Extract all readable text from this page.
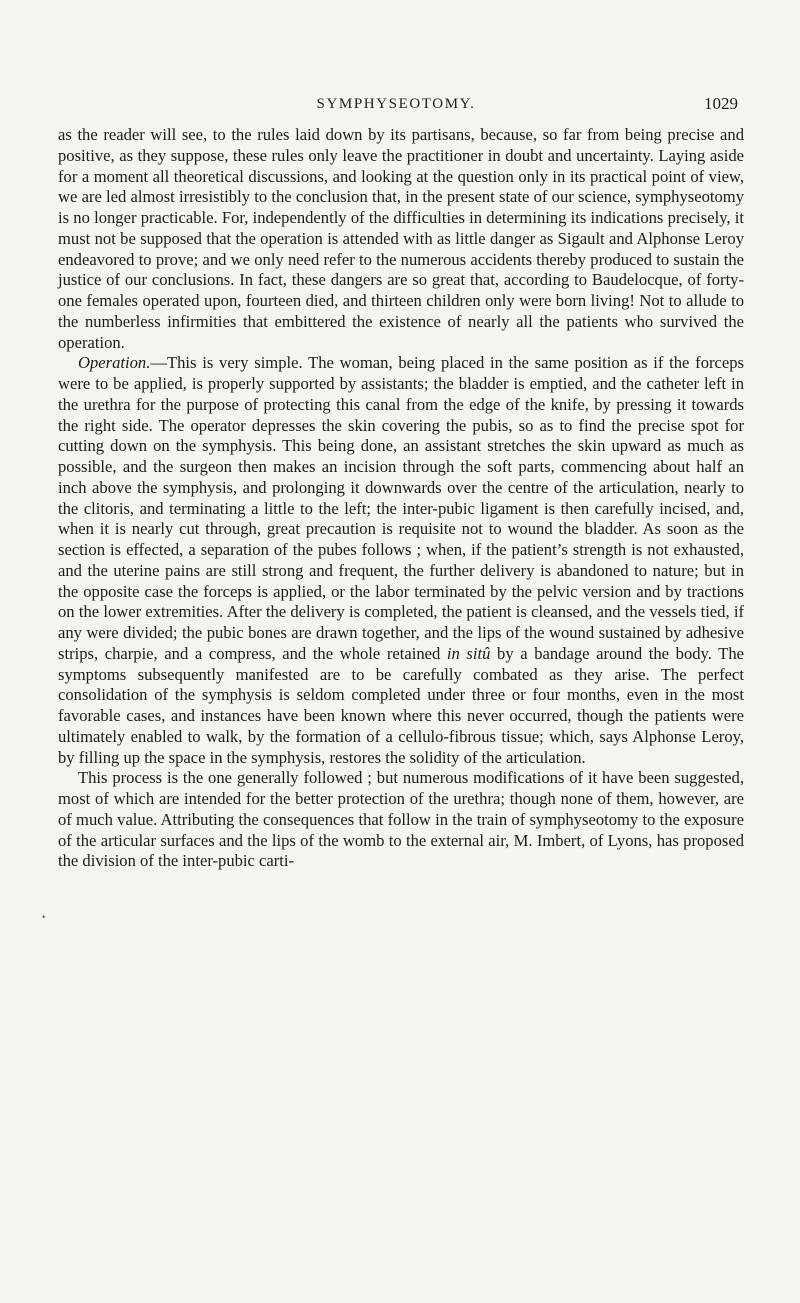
SYMPHYSEOTOMY.	1029
•

as the reader will see, to the rules laid down by its partisans, because, so far from being precise and positive, as they suppose, these rules only leave the practitioner in doubt and uncertainty. Laying aside for a moment all theoretical discussions, and looking at the question only in its practical point of view, we are led almost irresistibly to the conclusion that, in the present state of our science, symphyseotomy is no longer practicable. For, independently of the difficulties in determining its indications precisely, it must not be supposed that the operation is attended with as little danger as Sigault and Alphonse Leroy endeavored to prove; and we only need refer to the numerous accidents thereby produced to sustain the justice of our conclusions. In fact, these dangers are so great that, according to Baudelocque, of forty-one females operated upon, fourteen died, and thirteen children only were born living! Not to allude to the numberless infirmities that embittered the existence of nearly all the patients who survived the operation.

Operation.—This is very simple. The woman, being placed in the same position as if the forceps were to be applied, is properly supported by assistants; the bladder is emptied, and the catheter left in the urethra for the purpose of protecting this canal from the edge of the knife, by pressing it towards the right side. The operator depresses the skin covering the pubis, so as to find the precise spot for cutting down on the symphysis. This being done, an assistant stretches the skin upward as much as possible, and the surgeon then makes an incision through the soft parts, commencing about half an inch above the symphysis, and prolonging it downwards over the centre of the articulation, nearly to the clitoris, and terminating a little to the left; the inter-pubic ligament is then carefully incised, and, when it is nearly cut through, great precaution is requisite not to wound the bladder. As soon as the section is effected, a separation of the pubes follows ; when, if the patient’s strength is not exhausted, and the uterine pains are still strong and frequent, the further delivery is abandoned to nature; but in the opposite case the forceps is applied, or the labor terminated by the pelvic version and by tractions on the lower extremities. After the delivery is completed, the patient is cleansed, and the vessels tied, if any were divided; the pubic bones are drawn together, and the lips of the wound sustained by adhesive strips, charpie, and a compress, and the whole retained in sitû by a bandage around the body. The symptoms subsequently manifested are to be carefully combated as they arise. The perfect consolidation of the symphysis is seldom completed under three or four months, even in the most favorable cases, and instances have been known where this never occurred, though the patients were ultimately enabled to walk, by the formation of a cellulo-fibrous tissue; which, says Alphonse Leroy, by filling up the space in the symphysis, restores the solidity of the articulation.

This process is the one generally followed ; but numerous modifications of it have been suggested, most of which are intended for the better protection of the urethra; though none of them, however, are of much value. Attributing the consequences that follow in the train of symphyseotomy to the exposure of the articular surfaces and the lips of the womb to the external air, M. Imbert, of Lyons, has proposed the division of the inter-pubic carti-
